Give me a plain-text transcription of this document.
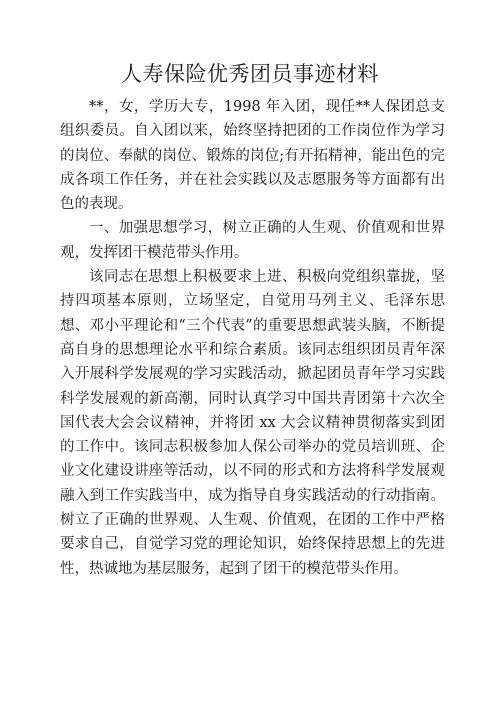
人寿保险优秀团员事迹材料

**，女，学历大专，1998 年入团，现任**人保团总支组织委员。自入团以来，始终坚持把团的工作岗位作为学习的岗位、奉献的岗位、锻炼的岗位;有开拓精神，能出色的完成各项工作任务，并在社会实践以及志愿服务等方面都有出色的表现。

一、加强思想学习，树立正确的人生观、价值观和世界观，发挥团干模范带头作用。

该同志在思想上积极要求上进、积极向党组织靠拢，坚持四项基本原则，立场坚定，自觉用马列主义、毛泽东思想、邓小平理论和“三个代表”的重要思想武装头脑，不断提高自身的思想理论水平和综合素质。该同志组织团员青年深入开展科学发展观的学习实践活动，掀起团员青年学习实践科学发展观的新高潮，同时认真学习中国共青团第十六次全国代表大会会议精神，并将团 xx 大会议精神贯彻落实到团的工作中。该同志积极参加人保公司举办的党员培训班、企业文化建设讲座等活动，以不同的形式和方法将科学发展观融入到工作实践当中，成为指导自身实践活动的行动指南。树立了正确的世界观、人生观、价值观，在团的工作中严格要求自己，自觉学习党的理论知识，始终保持思想上的先进性，热诚地为基层服务，起到了团干的模范带头作用。
